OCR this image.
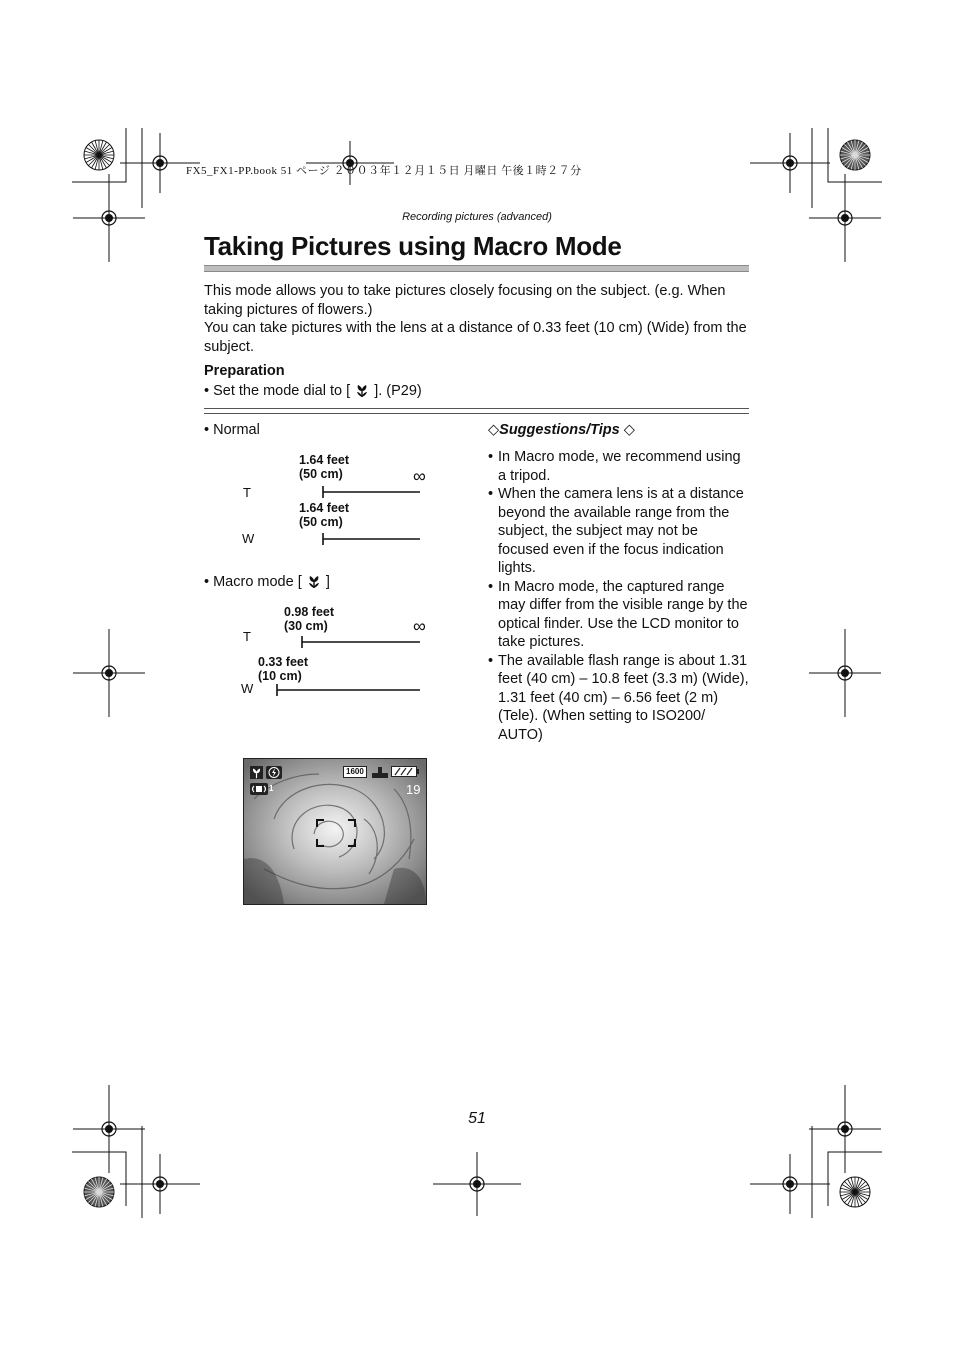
FX5_FX1-PP.book 51 ページ ２００３年１２月１５日 月曜日 午後１時２７分
Recording pictures (advanced)
Taking Pictures using Macro Mode

This mode allows you to take pictures closely focusing on the subject. (e.g. When taking pictures of flowers.)

You can take pictures with the lens at a distance of 0.33 feet (10 cm) (Wide) from the subject.

Preparation
• Set the mode dial to [ ]. (P29)
• Normal
1.64 feet
(50 cm)	∞
T
1.64 feet
(50 cm)
W
• Macro mode [ ]
0.98 feet
(30 cm)	∞
T
0.33 feet
(10 cm)
W
◇Suggestions/Tips ◇
• In Macro mode, we recommend using a tripod.
• When the camera lens is at a distance beyond the available range from the subject, the subject may not be focused even if the focus indication lights.
• In Macro mode, the captured range may differ from the visible range by the optical finder. Use the LCD monitor to take pictures.
• The available flash range is about 1.31 feet (40 cm) – 10.8 feet (3.3 m) (Wide), 1.31 feet (40 cm) – 6.56 feet (2 m) (Tele). (When setting to ISO200/ AUTO)
1600
1	19
51
